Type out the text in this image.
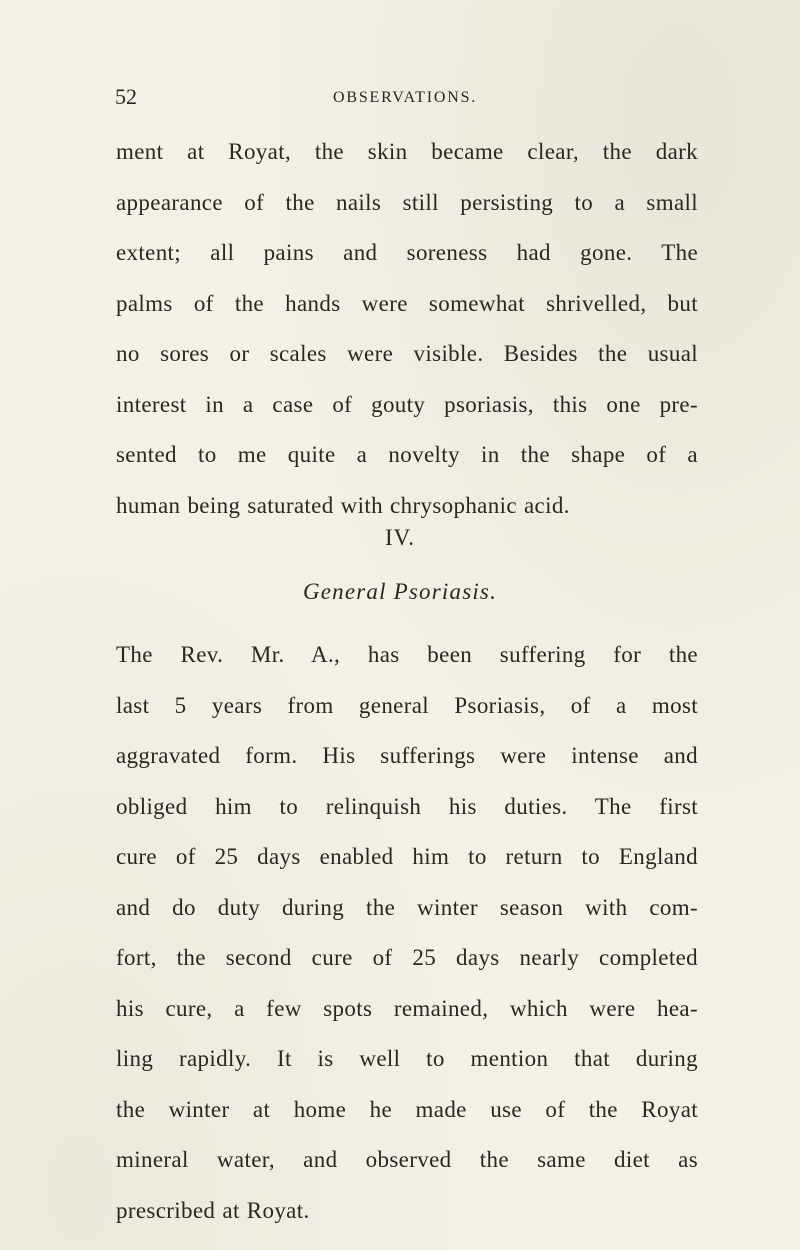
52	OBSERVATIONS.
ment at Royat, the skin became clear, the dark
appearance of the nails still persisting to a small
extent; all pains and soreness had gone. The
palms of the hands were somewhat shrivelled, but
no sores or scales were visible. Besides the usual
interest in a case of gouty psoriasis, this one pre-
sented to me quite a novelty in the shape of a
human being saturated with chrysophanic acid.
IV.
General Psoriasis.
The Rev. Mr. A., has been suffering for the
last 5 years from general Psoriasis, of a most
aggravated form. His sufferings were intense and
obliged him to relinquish his duties. The first
cure of 25 days enabled him to return to England
and do duty during the winter season with com-
fort, the second cure of 25 days nearly completed
his cure, a few spots remained, which were hea-
ling rapidly. It is well to mention that during
the winter at home he made use of the Royat
mineral water, and observed the same diet as
prescribed at Royat.
